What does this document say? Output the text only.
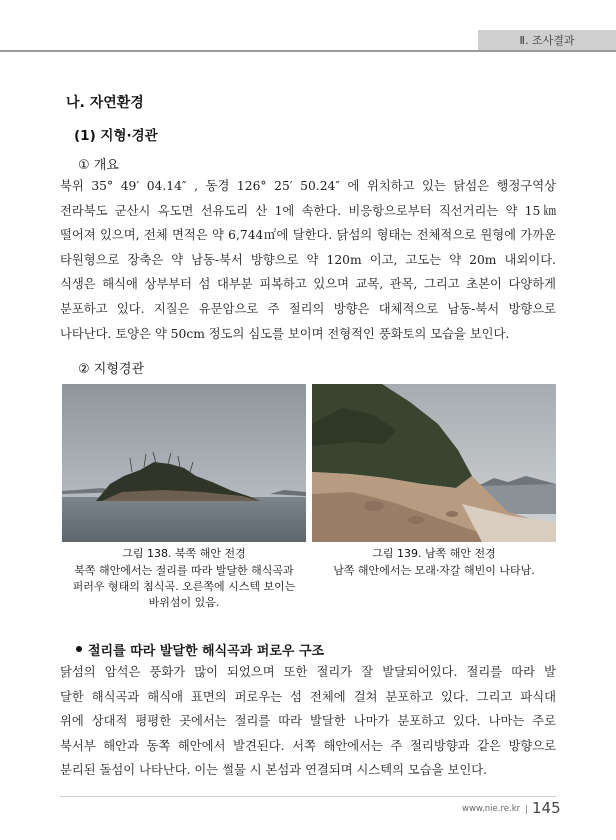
Ⅱ. 조사결과
나. 자연환경
(1) 지형·경관
① 개요
북위 35° 49′ 04.14″ , 동경 126° 25′ 50.24″ 에 위치하고 있는 닭섬은 행정구역상
전라북도 군산시 옥도면 선유도리 산 1에 속한다. 비응항으로부터 직선거리는 약 15㎞
떨어져 있으며, 전체 면적은 약 6,744㎡에 달한다. 닭섬의 형태는 전체적으로 원형에 가까운
타원형으로 장축은 약 남동-북서 방향으로 약 120m 이고, 고도는 약 20m 내외이다.
식생은 해식애 상부부터 섬 대부분 피복하고 있으며 교목, 관목, 그리고 초본이 다양하게
분포하고 있다. 지질은 유문암으로 주 절리의 방향은 대체적으로 남동-북서 방향으로
나타난다. 토양은 약 50cm 정도의 심도를 보이며 전형적인 풍화토의 모습을 보인다.
② 지형경관
그림 138. 북쪽 해안 전경	그림 139. 남쪽 해안 전경
북쪽 해안에서는 절리를 따라 발달한 해식곡과
퍼러우 형태의 침식곡. 오른쪽에 시스텍 보이는
바위섬이 있음.
남쪽 해안에서는 모래·자갈 해빈이 나타남.
절리를 따라 발달한 해식곡과 퍼로우 구조
닭섬의 암석은 풍화가 많이 되었으며 또한 절리가 잘 발달되어있다. 절리를 따라 발
달한 해식곡과 해식애 표면의 퍼로우는 섬 전체에 걸쳐 분포하고 있다. 그리고 파식대
위에 상대적 평평한 곳에서는 절리를 따라 발달한 나마가 분포하고 있다. 나마는 주로
북서부 해안과 동쪽 해안에서 발견된다. 서쪽 해안에서는 주 절리방향과 같은 방향으로
분리된 돌섬이 나타난다. 이는 썰물 시 본섬과 연결되며 시스텍의 모습을 보인다.
www.nie.re.kr 145
